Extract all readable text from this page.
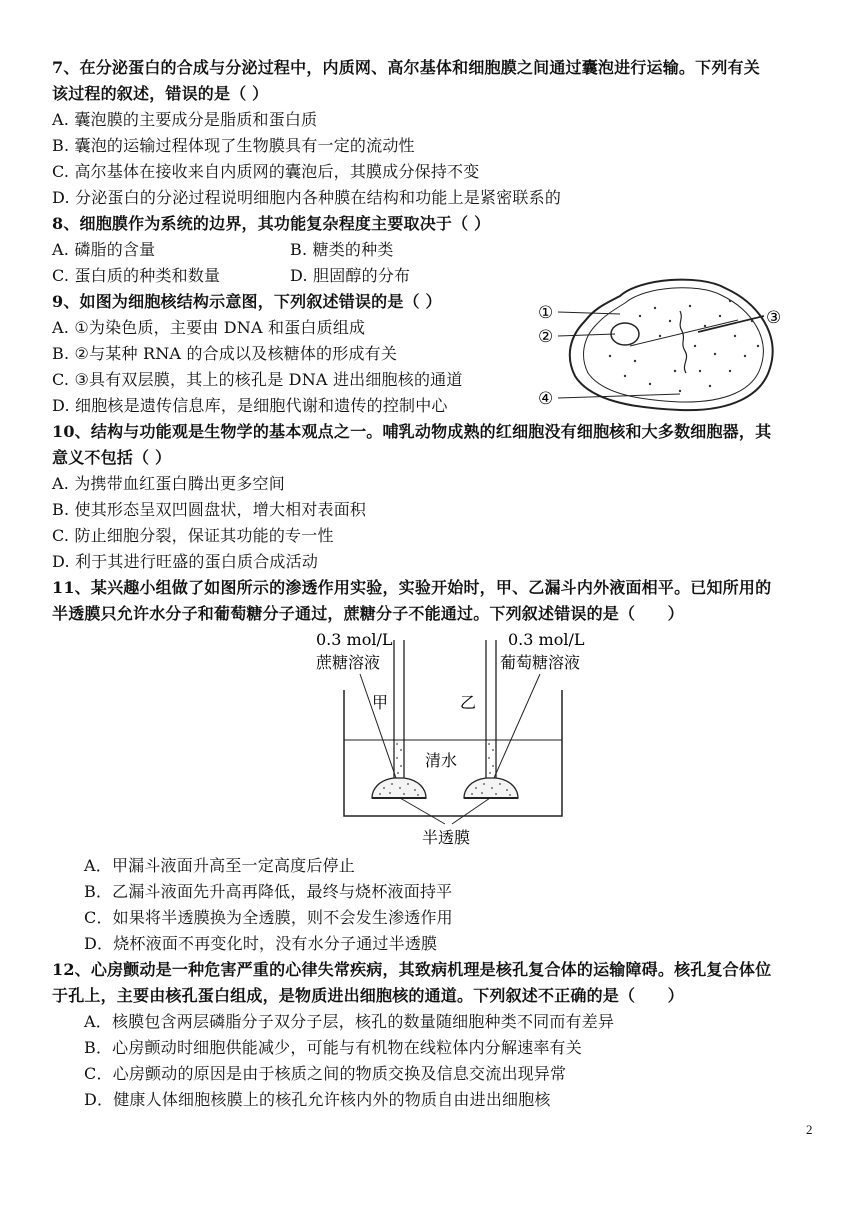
7、在分泌蛋白的合成与分泌过程中，内质网、高尔基体和细胞膜之间通过囊泡进行运输。下列有关
该过程的叙述，错误的是（ ）
A. 囊泡膜的主要成分是脂质和蛋白质
B. 囊泡的运输过程体现了生物膜具有一定的流动性
C. 高尔基体在接收来自内质网的囊泡后，其膜成分保持不变
D. 分泌蛋白的分泌过程说明细胞内各种膜在结构和功能上是紧密联系的
8、细胞膜作为系统的边界，其功能复杂程度主要取决于（ ）
A. 磷脂的含量	B. 糖类的种类
C. 蛋白质的种类和数量	D. 胆固醇的分布
9、如图为细胞核结构示意图，下列叙述错误的是（ ）
A. ①为染色质，主要由 DNA 和蛋白质组成
B. ②与某种 RNA 的合成以及核糖体的形成有关
C. ③具有双层膜，其上的核孔是 DNA 进出细胞核的通道
D. 细胞核是遗传信息库，是细胞代谢和遗传的控制中心
①
②
③
④
10、结构与功能观是生物学的基本观点之一。哺乳动物成熟的红细胞没有细胞核和大多数细胞器，其
意义不包括（ ）
A. 为携带血红蛋白腾出更多空间
B. 使其形态呈双凹圆盘状，增大相对表面积
C. 防止细胞分裂，保证其功能的专一性
D. 利于其进行旺盛的蛋白质合成活动
11、某兴趣小组做了如图所示的渗透作用实验，实验开始时，甲、乙漏斗内外液面相平。已知所用的
半透膜只允许水分子和葡萄糖分子通过，蔗糖分子不能通过。下列叙述错误的是（　　）
0.3 mol/L
蔗糖溶液
0.3 mol/L
葡萄糖溶液
甲	乙
清水
半透膜
A．甲漏斗液面升高至一定高度后停止
B．乙漏斗液面先升高再降低，最终与烧杯液面持平
C．如果将半透膜换为全透膜，则不会发生渗透作用
D．烧杯液面不再变化时，没有水分子通过半透膜
12、心房颤动是一种危害严重的心律失常疾病，其致病机理是核孔复合体的运输障碍。核孔复合体位
于孔上，主要由核孔蛋白组成，是物质进出细胞核的通道。下列叙述不正确的是（　　）
A．核膜包含两层磷脂分子双分子层，核孔的数量随细胞种类不同而有差异
B．心房颤动时细胞供能减少，可能与有机物在线粒体内分解速率有关
C．心房颤动的原因是由于核质之间的物质交换及信息交流出现异常
D．健康人体细胞核膜上的核孔允许核内外的物质自由进出细胞核
2
